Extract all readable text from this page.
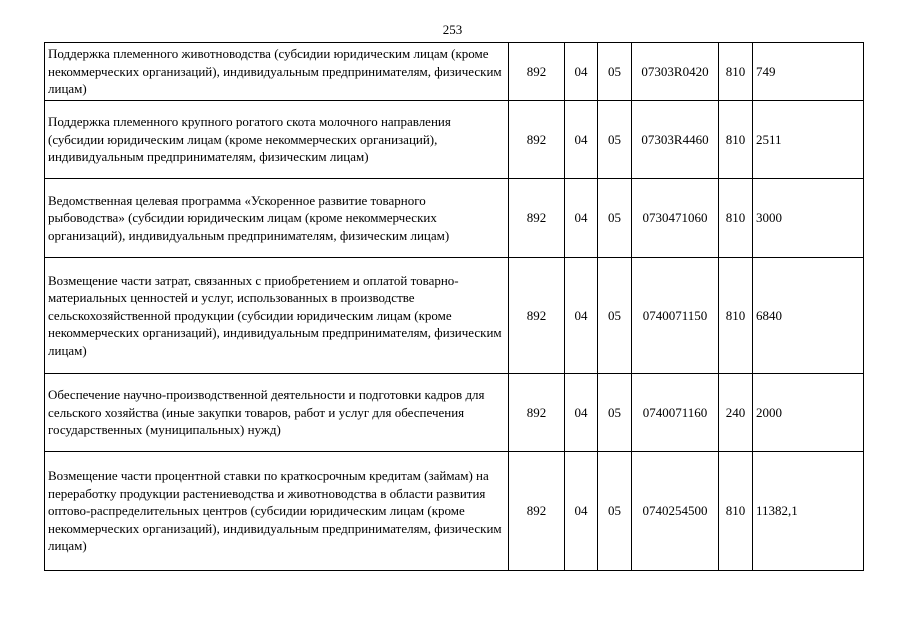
253
Поддержка племенного животноводства (субсидии юридическим лицам (кроме некоммерческих организаций), индивидуальным предпринимателям, физическим лицам)	892	04	05	07303R0420	810	749
Поддержка племенного крупного рогатого скота молочного направления (субсидии юридическим лицам (кроме некоммерческих организаций), индивидуальным предпринимателям, физическим лицам)	892	04	05	07303R4460	810	2511
Ведомственная целевая программа «Ускоренное развитие товарного рыбоводства» (субсидии юридическим лицам (кроме некоммерческих организаций), индивидуальным предпринимателям, физическим лицам)	892	04	05	0730471060	810	3000
Возмещение части затрат, связанных с приобретением и оплатой товарно-материальных ценностей и услуг, использованных в производстве сельскохозяйственной продукции (субсидии юридическим лицам (кроме некоммерческих организаций), индивидуальным предпринимателям, физическим лицам)	892	04	05	0740071150	810	6840
Обеспечение научно-производственной деятельности и подготовки кадров для сельского хозяйства (иные закупки товаров, работ и услуг для обеспечения государственных (муниципальных) нужд)	892	04	05	0740071160	240	2000
Возмещение части процентной ставки по краткосрочным кредитам (займам) на переработку продукции растениеводства и животноводства в области развития оптово-распределительных центров (субсидии юридическим лицам (кроме некоммерческих организаций), индивидуальным предпринимателям, физическим лицам)	892	04	05	0740254500	810	11382,1
